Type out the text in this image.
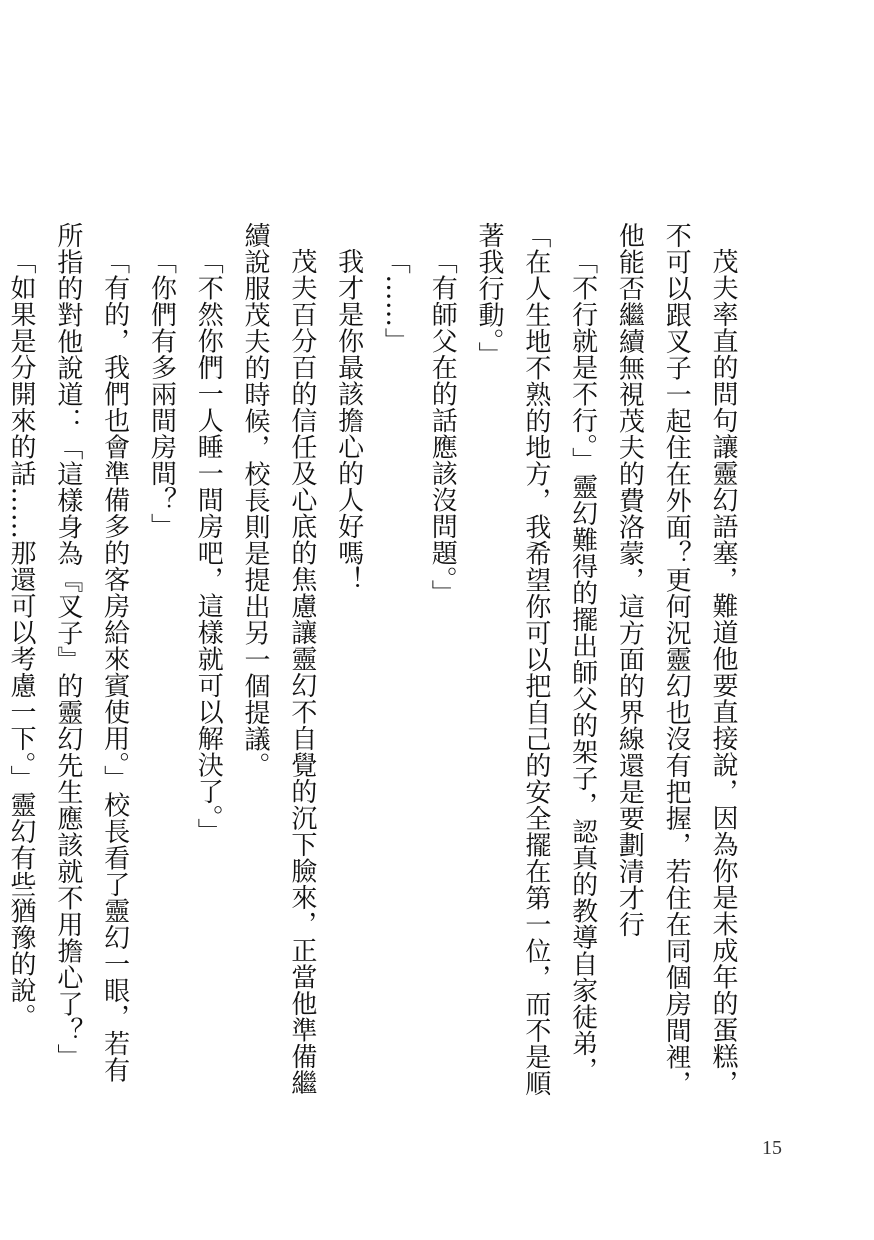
茂夫率直的問句讓靈幻語塞，難道他要直接說，因為你是未成年的蛋糕，不可以跟叉子一起住在外面？更何況靈幻也沒有把握，若住在同個房間裡，他能否繼續無視茂夫的費洛蒙，這方面的界線還是要劃清才行

「不行就是不行。」靈幻難得的擺出師父的架子，認真的教導自家徒弟，「在人生地不熟的地方，我希望你可以把自己的安全擺在第一位，而不是順著我行動。」

「有師父在的話應該沒問題。」

「……」

我才是你最該擔心的人好嗎！

茂夫百分百的信任及心底的焦慮讓靈幻不自覺的沉下臉來，正當他準備繼續說服茂夫的時候，校長則是提出另一個提議。

「不然你們一人睡一間房吧，這樣就可以解決了。」

「你們有多兩間房間？」

「有的，我們也會準備多的客房給來賓使用。」校長看了靈幻一眼，若有所指的對他說道：「這樣身為『叉子』的靈幻先生應該就不用擔心了？」

「如果是分開來的話……那還可以考慮一下。」靈幻有些猶豫的說。

15
